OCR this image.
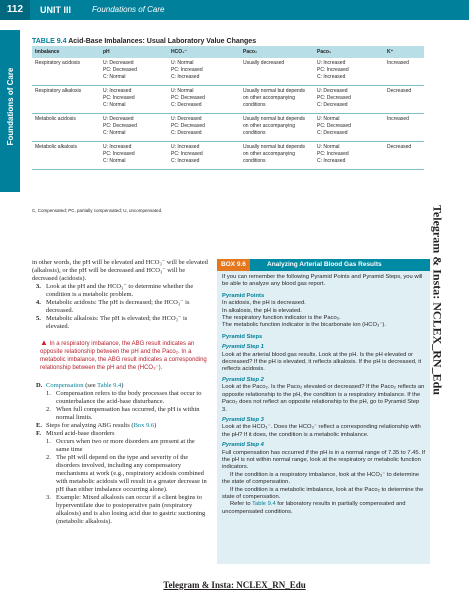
112	UNIT III	Foundations of Care
Foundations of Care
Telegram & Insta: NCLEX_RN_Edu
TABLE 9.4 Acid-Base Imbalances: Usual Laboratory Value Changes
Imbalance	pH	HCO₃⁻	Paco₂	Paco₂	K⁺
Respiratory acidosis	U: Decreased
PC: Decreased
C: Normal	U: Normal
PC: Increased
C: Increased	Usually decreased	U: Increased
PC: Increased
C: Increased	Increased
Respiratory alkalosis	U: Increased
PC: Increased
C: Normal	U: Normal
PC: Decreased
C: Decreased	Usually normal but depends on other accompanying conditions	U: Decreased
PC: Decreased
C: Decreased	Decreased
Metabolic acidosis	U: Decreased
PC: Decreased
C: Normal	U: Decreased
PC: Decreased
C: Decreased	Usually normal but depends on other accompanying conditions	U: Normal
PC: Decreased
C: Decreased	Increased
Metabolic alkalosis	U: Increased
PC: Increased
C: Normal	U: Increased
PC: Increased
C: Increased	Usually normal but depends on other accompanying conditions	U: Normal
PC: Increased
C: Increased	Decreased
C, Compensated; PC, partially compensated; U, uncompensated.

in other words, the pH will be elevated and HCO₃⁻ will be elevated (alkalosis), or the pH will be decreased and HCO₃⁻ will be decreased (acidosis).

3. Look at the pH and the HCO₃⁻ to determine whether the condition is a metabolic problem.

4. Metabolic acidosis: The pH is decreased; the HCO₃⁻ is decreased.

5. Metabolic alkalosis: The pH is elevated; the HCO₃⁻ is elevated.

▲ In a respiratory imbalance, the ABG result indicates an opposite relationship between the pH and the Paco₂. In a metabolic imbalance, the ABG result indicates a corresponding relationship between the pH and the (HCO₃⁻).

D. Compensation (see Table 9.4)

1. Compensation refers to the body processes that occur to counterbalance the acid-base disturbance.

2. When full compensation has occurred, the pH is within normal limits.

E. Steps for analyzing ABG results (Box 9.6)

F. Mixed acid-base disorders

1. Occurs when two or more disorders are present at the same time

2. The pH will depend on the type and severity of the disorders involved, including any compensatory mechanisms at work (e.g., respiratory acidosis combined with metabolic acidosis will result in a greater decrease in pH than either imbalance occurring alone).

3. Example: Mixed alkalosis can occur if a client begins to hyperventilate due to postoperative pain (respiratory alkalosis) and is also losing acid due to gastric suctioning (metabolic alkalosis).

BOX 9.6	Analyzing Arterial Blood Gas Results

If you can remember the following Pyramid Points and Pyramid Steps, you will be able to analyze any blood gas report.

Pyramid Points

In acidosis, the pH is decreased.

In alkalosis, the pH is elevated.

The respiratory function indicator is the Paco₂.

The metabolic function indicator is the bicarbonate ion (HCO₃⁻).

Pyramid Steps

Pyramid Step 1

Look at the arterial blood gas results. Look at the pH. Is the pH elevated or decreased? If the pH is elevated, it reflects alkalosis. If the pH is decreased, it reflects acidosis.

Pyramid Step 2

Look at the Paco₂. Is the Paco₂ elevated or decreased? If the Paco₂ reflects an opposite relationship to the pH, the condition is a respiratory imbalance. If the Paco₂ does not reflect an opposite relationship to the pH, go to Pyramid Step 3.

Pyramid Step 3

Look at the HCO₃⁻. Does the HCO₃⁻ reflect a corresponding relationship with the pH? If it does, the condition is a metabolic imbalance.

Pyramid Step 4

Full compensation has occurred if the pH is in a normal range of 7.35 to 7.45. If the pH is not within normal range, look at the respiratory or metabolic function indicators.

If the condition is a respiratory imbalance, look at the HCO₃⁻ to determine the state of compensation.

If the condition is a metabolic imbalance, look at the Paco₂ to determine the state of compensation.

Refer to Table 9.4 for laboratory results in partially compensated and uncompensated conditions.

Telegram & Insta: NCLEX_RN_Edu
